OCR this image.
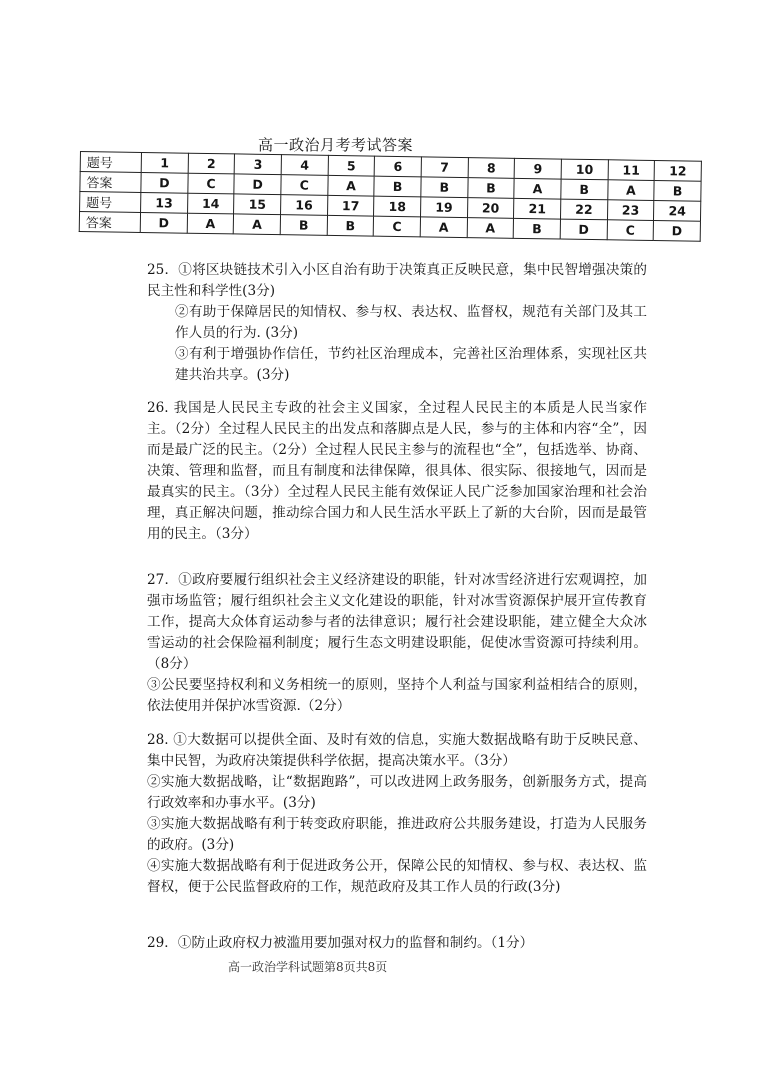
高一政治月考考试答案
题号	1	2	3	4	5	6	7	8	9	10	11	12
答案	D	C	D	C	A	B	B	B	A	B	A	B
题号	13	14	15	16	17	18	19	20	21	22	23	24
答案	D	A	A	B	B	C	A	A	B	D	C	D

25．①将区块链技术引入小区自治有助于决策真正反映民意，集中民智增强决策的民主性和科学性(3分)

②有助于保障居民的知情权、参与权、表达权、监督权，规范有关部门及其工作人员的行为. (3分)

③有利于增强协作信任，节约社区治理成本，完善社区治理体系，实现社区共建共治共享。(3分)

26. 我国是人民民主专政的社会主义国家，全过程人民民主的本质是人民当家作主。（2分）全过程人民民主的出发点和落脚点是人民，参与的主体和内容“全”，因而是最广泛的民主。（2分）全过程人民民主参与的流程也“全”，包括选举、协商、决策、管理和监督，而且有制度和法律保障，很具体、很实际、很接地气，因而是最真实的民主。（3分）全过程人民民主能有效保证人民广泛参加国家治理和社会治理，真正解决问题，推动综合国力和人民生活水平跃上了新的大台阶，因而是最管用的民主。（3分）

27．①政府要履行组织社会主义经济建设的职能，针对冰雪经济进行宏观调控，加强市场监管；履行组织社会主义文化建设的职能，针对冰雪资源保护展开宣传教育工作，提高大众体育运动参与者的法律意识；履行社会建设职能，建立健全大众冰雪运动的社会保险福利制度；履行生态文明建设职能，促使冰雪资源可持续利用。（8分）

③公民要坚持权利和义务相统一的原则，坚持个人利益与国家利益相结合的原则，依法使用并保护冰雪资源.（2分）

28. ①大数据可以提供全面、及时有效的信息，实施大数据战略有助于反映民意、集中民智，为政府决策提供科学依据，提高决策水平。（3分）

②实施大数据战略，让“数据跑路”，可以改进网上政务服务，创新服务方式，提高行政效率和办事水平。(3分)

③实施大数据战略有利于转变政府职能，推进政府公共服务建设，打造为人民服务的政府。(3分)

④实施大数据战略有利于促进政务公开，保障公民的知情权、参与权、表达权、监督权，便于公民监督政府的工作，规范政府及其工作人员的行政(3分)

29．①防止政府权力被滥用要加强对权力的监督和制约。（1分）

高一政治学科试题第8页共8页
